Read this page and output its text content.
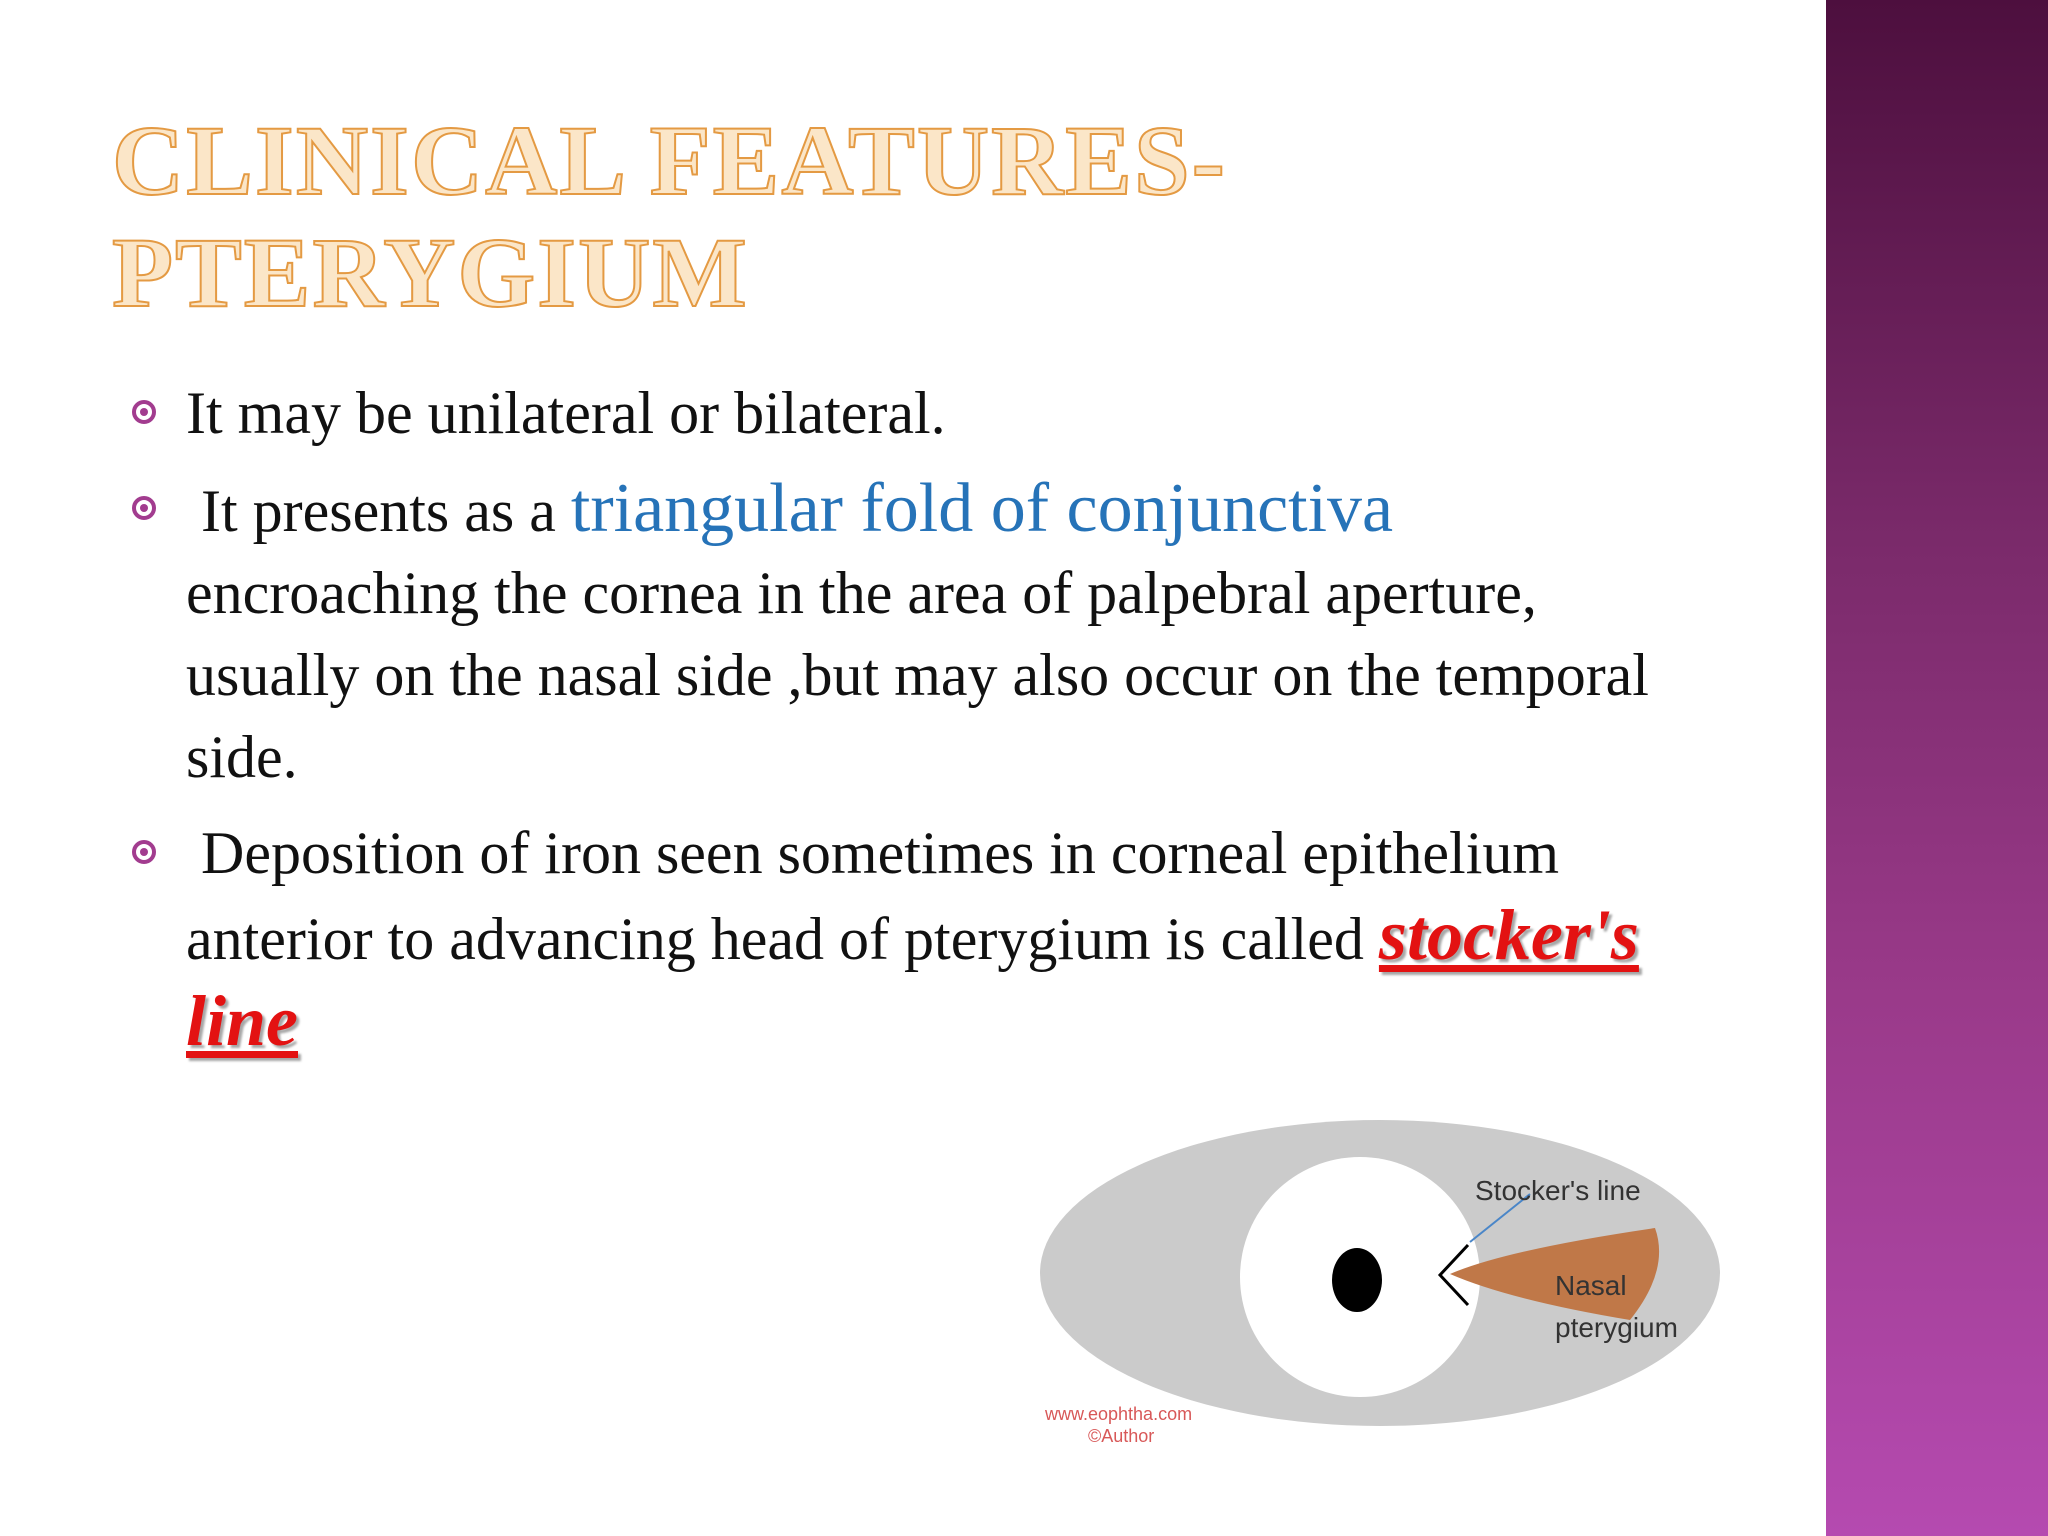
CLINICAL FEATURES-
PTERYGIUM
It may be unilateral or bilateral.
It presents as a triangular fold of conjunctiva encroaching the cornea in the area of palpebral aperture, usually on the nasal side ,but may also occur on the temporal side.
Deposition of iron seen sometimes in corneal epithelium anterior to advancing head of pterygium is called stocker's line
Stocker's line
Nasal
pterygium
www.eophtha.com
©Author
